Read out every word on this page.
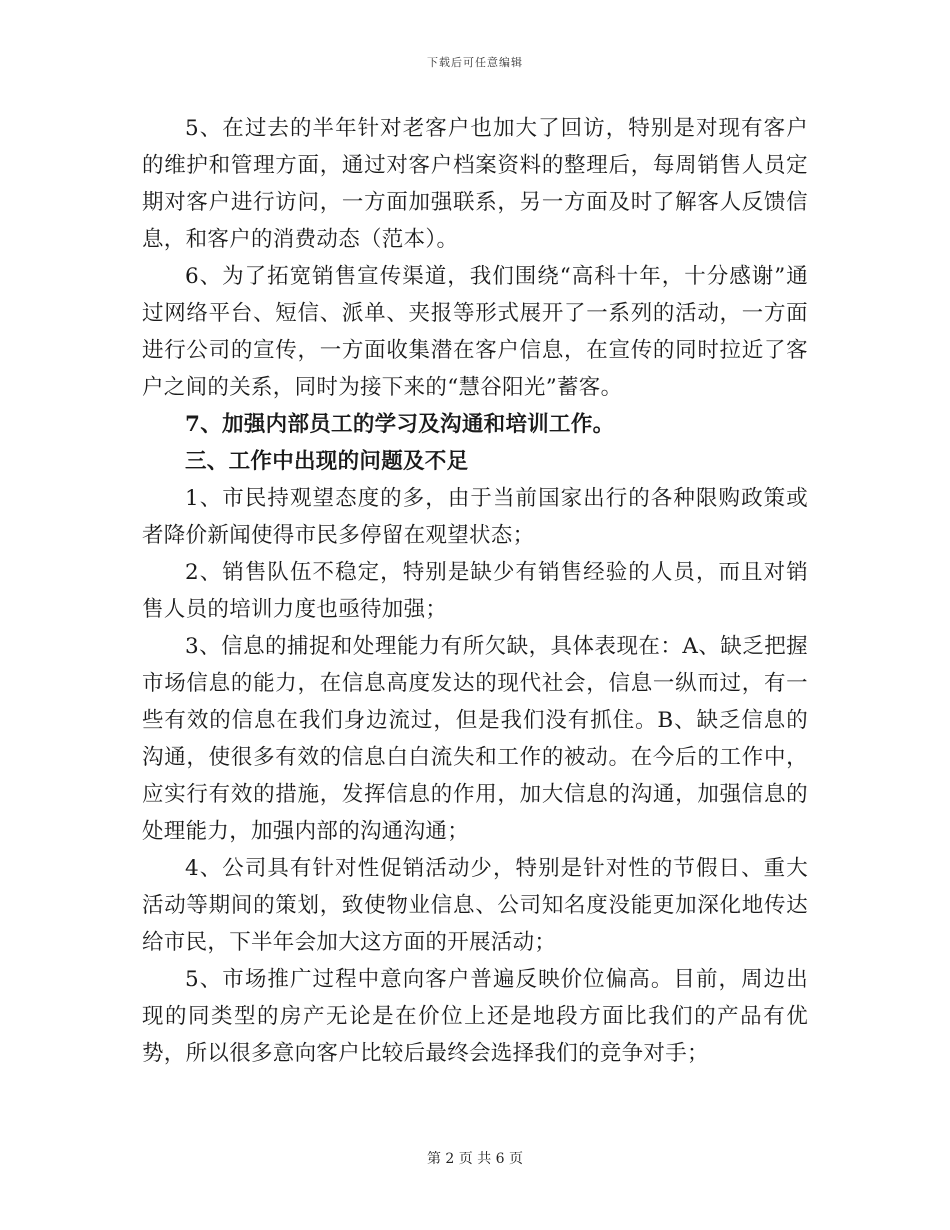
下载后可任意编辑

5、在过去的半年针对老客户也加大了回访，特别是对现有客户的维护和管理方面，通过对客户档案资料的整理后，每周销售人员定期对客户进行访问，一方面加强联系，另一方面及时了解客人反馈信息，和客户的消费动态（范本）。

6、为了拓宽销售宣传渠道，我们围绕“高科十年，十分感谢”通过网络平台、短信、派单、夹报等形式展开了一系列的活动，一方面进行公司的宣传，一方面收集潜在客户信息，在宣传的同时拉近了客户之间的关系，同时为接下来的“慧谷阳光”蓄客。

7、加强内部员工的学习及沟通和培训工作。

三、工作中出现的问题及不足

1、市民持观望态度的多，由于当前国家出行的各种限购政策或者降价新闻使得市民多停留在观望状态；

2、销售队伍不稳定，特别是缺少有销售经验的人员，而且对销售人员的培训力度也亟待加强；

3、信息的捕捉和处理能力有所欠缺，具体表现在：A、缺乏把握市场信息的能力，在信息高度发达的现代社会，信息一纵而过，有一些有效的信息在我们身边流过，但是我们没有抓住。B、缺乏信息的沟通，使很多有效的信息白白流失和工作的被动。在今后的工作中，应实行有效的措施，发挥信息的作用，加大信息的沟通，加强信息的处理能力，加强内部的沟通沟通；

4、公司具有针对性促销活动少，特别是针对性的节假日、重大活动等期间的策划，致使物业信息、公司知名度没能更加深化地传达给市民，下半年会加大这方面的开展活动；

5、市场推广过程中意向客户普遍反映价位偏高。目前，周边出现的同类型的房产无论是在价位上还是地段方面比我们的产品有优势，所以很多意向客户比较后最终会选择我们的竞争对手；

第 2 页 共 6 页
